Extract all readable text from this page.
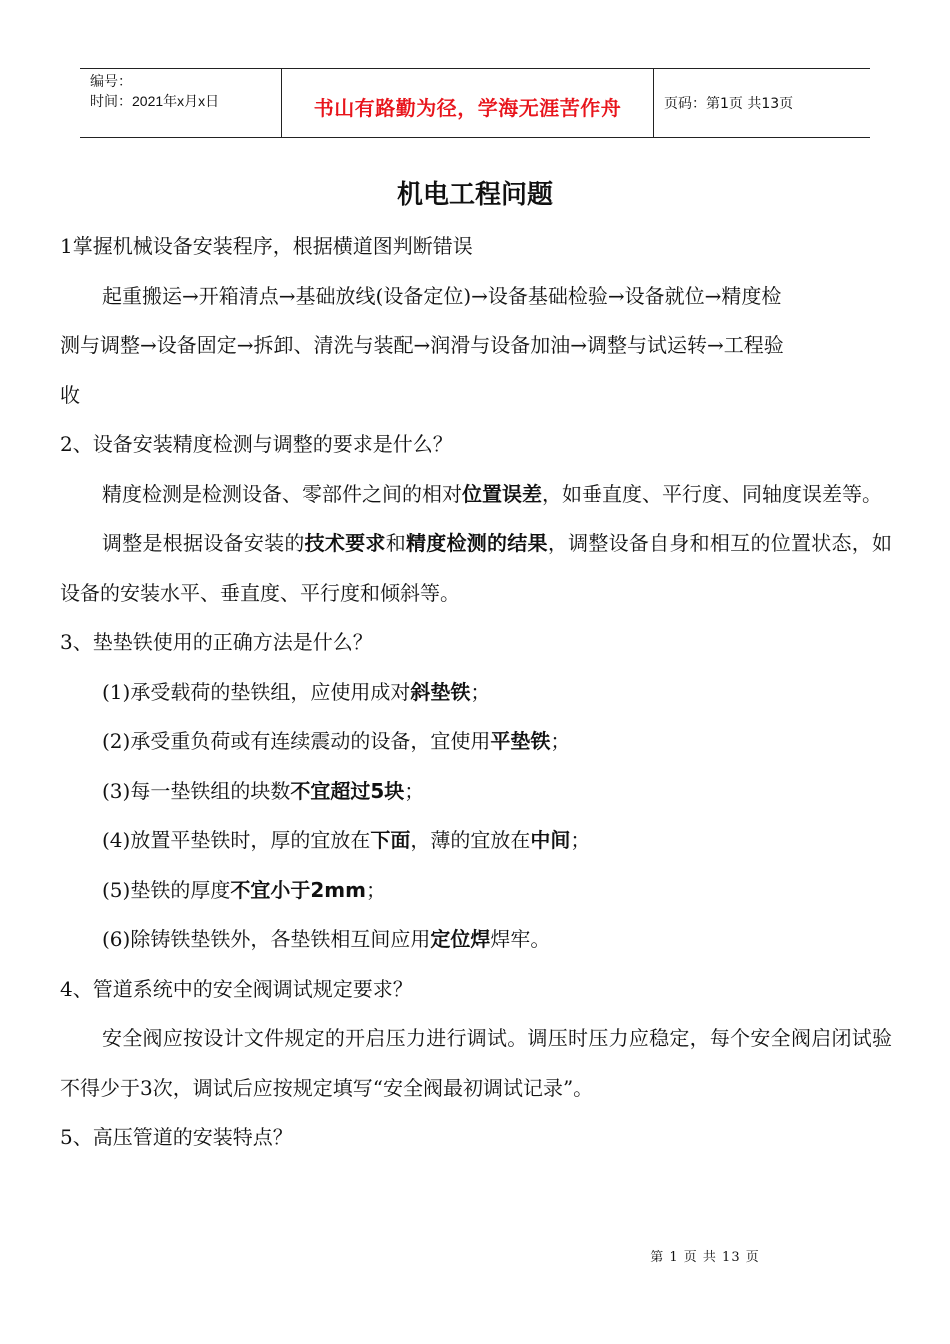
编号：
时间：2021年x月x日	书山有路勤为径，学海无涯苦作舟	页码：第1页 共13页
机电工程问题

1掌握机械设备安装程序，根据横道图判断错误

起重搬运→开箱清点→基础放线(设备定位)→设备基础检验→设备就位→精度检

测与调整→设备固定→拆卸、清洗与装配→润滑与设备加油→调整与试运转→工程验

收

2、设备安装精度检测与调整的要求是什么？

精度检测是检测设备、零部件之间的相对位置误差，如垂直度、平行度、同轴度误差等。

调整是根据设备安装的技术要求和精度检测的结果，调整设备自身和相互的位置状态，如设备的安装水平、垂直度、平行度和倾斜等。

3、垫垫铁使用的正确方法是什么？

(1)承受载荷的垫铁组，应使用成对斜垫铁；

(2)承受重负荷或有连续震动的设备，宜使用平垫铁；

(3)每一垫铁组的块数不宜超过5块；

(4)放置平垫铁时，厚的宜放在下面，薄的宜放在中间；

(5)垫铁的厚度不宜小于2mm；

(6)除铸铁垫铁外，各垫铁相互间应用定位焊焊牢。

4、管道系统中的安全阀调试规定要求？

安全阀应按设计文件规定的开启压力进行调试。调压时压力应稳定，每个安全阀启闭试验不得少于3次，调试后应按规定填写“安全阀最初调试记录”。

5、高压管道的安装特点？

第 1 页 共 13 页
